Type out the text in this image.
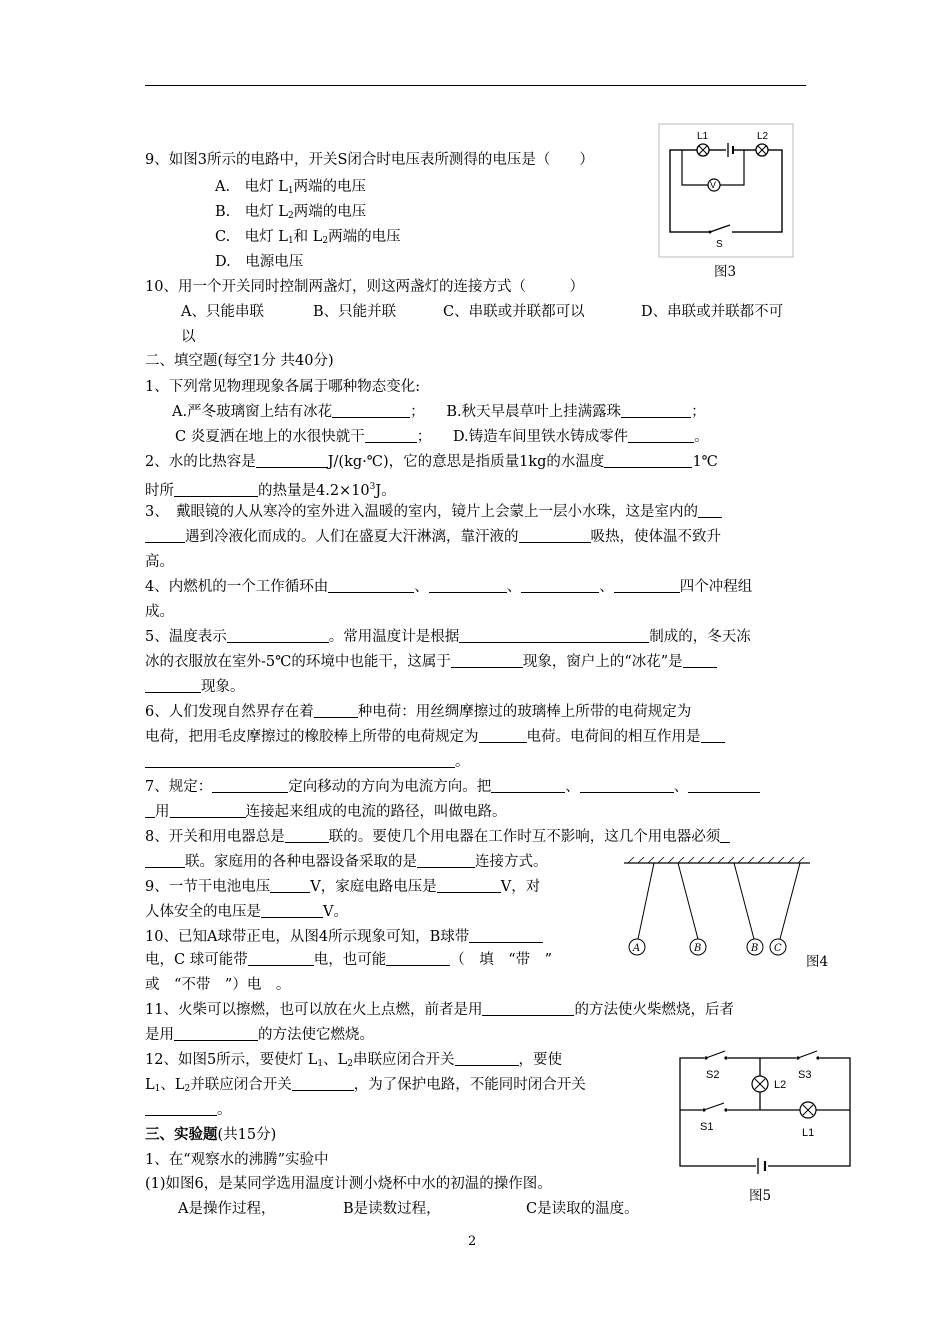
9、如图3所示的电路中，开关S闭合时电压表所测得的电压是（　　 ）
A.　电灯 $L_1$两端的电压
B.　电灯 $L_2$两端的电压
C.　电灯 $L_1$和 $L_2$两端的电压
D.　电源电压
V
L1	L2
S
图3
10、用一个开关同时控制两盏灯，则这两盏灯的连接方式（　　　）
A、只能串联	B、只能并联	C、串联或并联都可以	D、串联或并联都不可
以
二、填空题(每空1分 共40分)
1、下列常见物理现象各属于哪种物态变化:
A.严冬玻璃窗上结有冰花	；　　B.秋天早晨草叶上挂满露珠	；
C 炎夏洒在地上的水很快就干	；　　D.铸造车间里铁水铸成零件	。
2、水的比热容是	J/(kg·℃)，它的意思是指质量1kg的水温度	1℃
时所	的热量是$4.2\times 10^3J$。
3、　戴眼镜的人从寒冷的室外进入温暖的室内，镜片上会蒙上一层小水珠，这是室内的
遇到冷液化而成的。人们在盛夏大汗淋漓，靠汗液的	吸热，使体温不致升
高。
4、内燃机的一个工作循环由	、	、	、	四个冲程组
成。
5、温度表示	。常用温度计是根据	制成的，冬天冻
冰的衣服放在室外-5℃的环境中也能干，这属于	现象，窗户上的“冰花”是
现象。
6、人们发现自然界存在着	种电荷：用丝绸摩擦过的玻璃棒上所带的电荷规定为
电荷，把用毛皮摩擦过的橡胶棒上所带的电荷规定为	电荷。电荷间的相互作用是
。
7、规定：	定向移动的方向为电流方向。把	、	、
用	连接起来组成的电流的路径，叫做电路。
8、开关和用电器总是	联的。要使几个用电器在工作时互不影响，这几个用电器必须
联。家庭用的各种电器设备采取的是	连接方式。
A	B	B C
图4
9、一节干电池电压	V，家庭电路电压是	V，对
人体安全的电压是	V。
10、已知A球带正电，从图4所示现象可知，B球带
电，C 球可能带	电，也可能	（　填　“带　”
或　“不带　”）电　。
11、火柴可以擦燃，也可以放在火上点燃，前者是用	的方法使火柴燃烧，后者
是用	的方法使它燃烧。
12、如图5所示，要使灯 $L_1$、$L_2$串联应闭合开关	，要使
$L_1$、$L_2$并联应闭合开关	，为了保护电路，不能同时闭合开关
。
S2
L2
S3
S1	L1
图5
三、实验题(共15分)
1、在“观察水的沸腾”实验中
(1)如图6，是某同学选用温度计测小烧杯中水的初温的操作图。
A是操作过程，	B是读数过程，	C是读取的温度。
2
